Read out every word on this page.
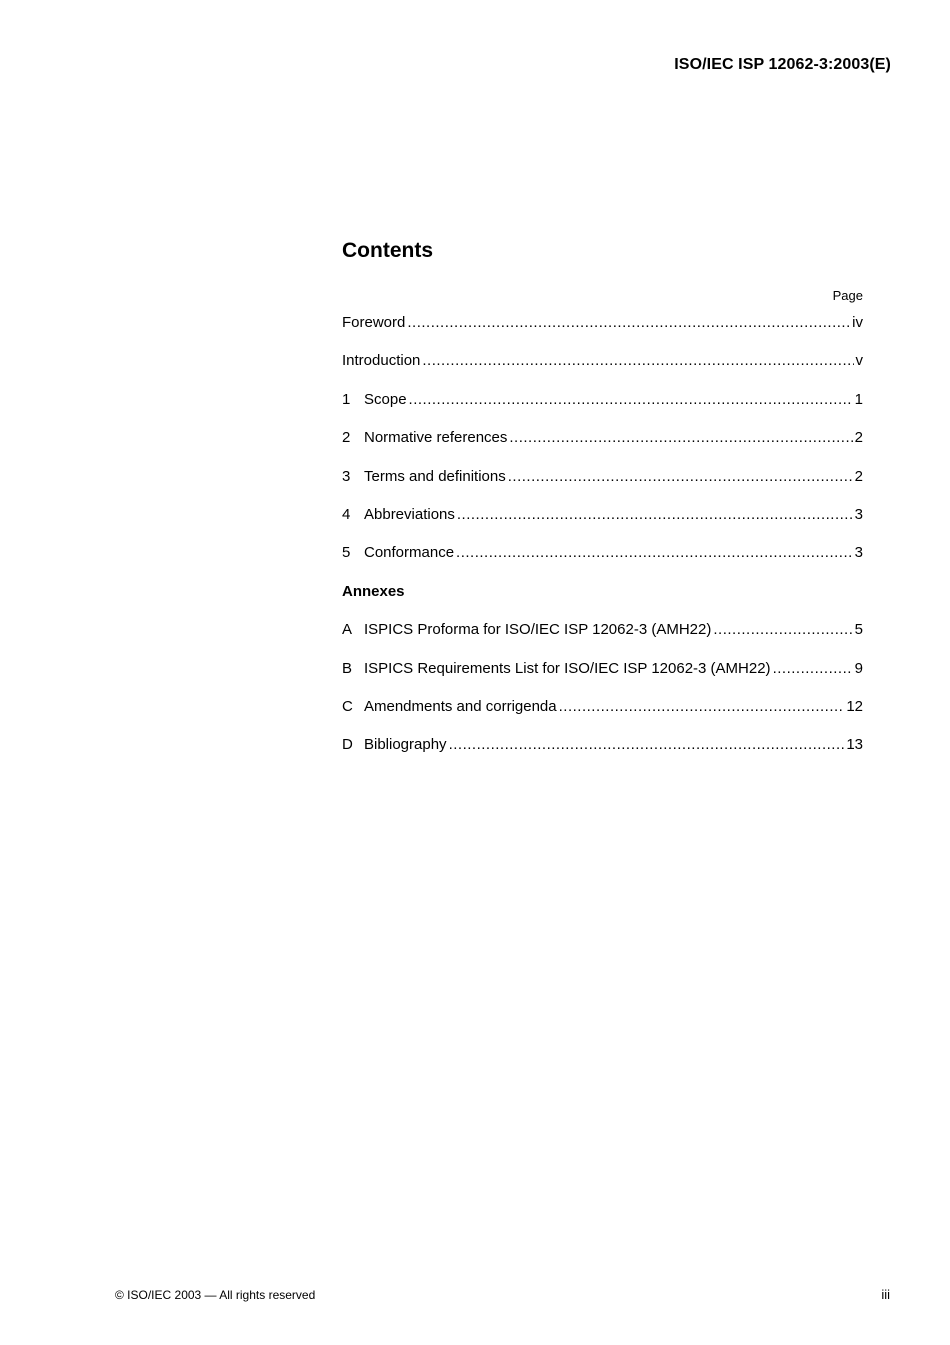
ISO/IEC ISP 12062-3:2003(E)
Contents
Page
Foreword .....	iv
Introduction .....	v
1 Scope .....	1
2 Normative references .....	2
3 Terms and definitions .....	2
4 Abbreviations .....	3
5 Conformance .....	3
Annexes
A ISPICS Proforma for ISO/IEC ISP 12062-3 (AMH22) .....	5
B ISPICS Requirements List for ISO/IEC ISP 12062-3 (AMH22) .....	9
C Amendments and corrigenda .....	12
D Bibliography .....	13
© ISO/IEC 2003 — All rights reserved	iii
